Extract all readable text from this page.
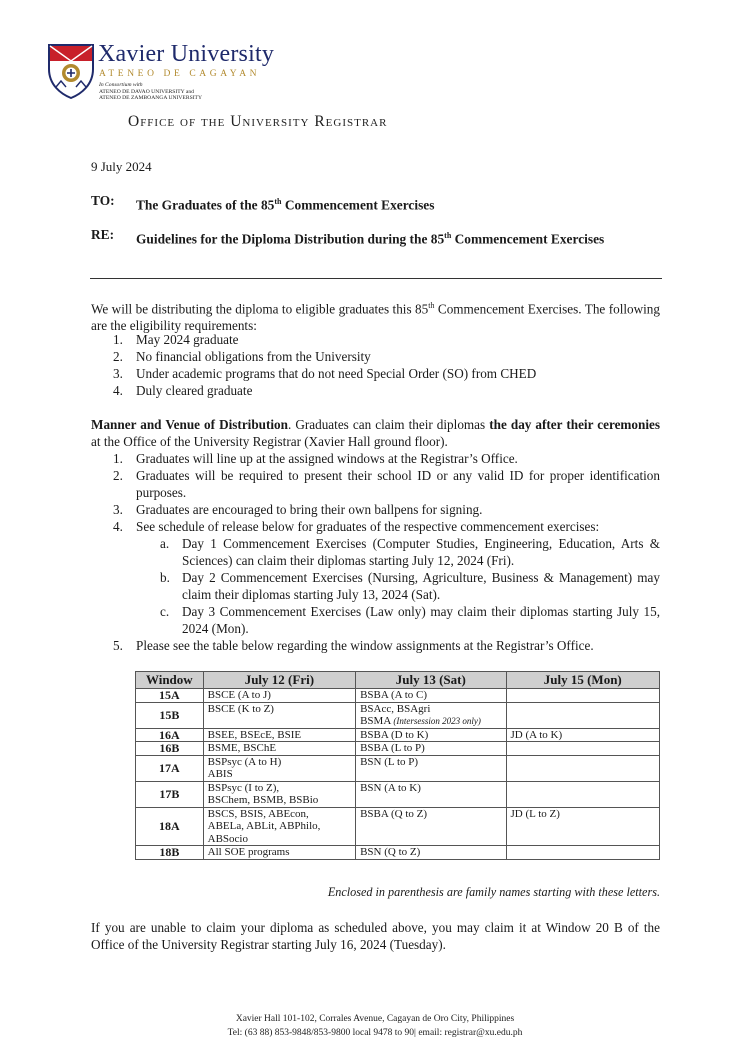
Xavier University
ATENEO DE CAGAYAN
In Consortium with
ATENEO DE DAVAO UNIVERSITY and
ATENEO DE ZAMBOANGA UNIVERSITY
Office of the University Registrar
9 July 2024
TO: The Graduates of the 85th Commencement Exercises
RE: Guidelines for the Diploma Distribution during the 85th Commencement Exercises
We will be distributing the diploma to eligible graduates this 85th Commencement Exercises. The following are the eligibility requirements:
1. May 2024 graduate
2. No financial obligations from the University
3. Under academic programs that do not need Special Order (SO) from CHED
4. Duly cleared graduate
Manner and Venue of Distribution. Graduates can claim their diplomas the day after their ceremonies at the Office of the University Registrar (Xavier Hall ground floor).
1. Graduates will line up at the assigned windows at the Registrar’s Office.
2. Graduates will be required to present their school ID or any valid ID for proper identification purposes.
3. Graduates are encouraged to bring their own ballpens for signing.
4. See schedule of release below for graduates of the respective commencement exercises:
a. Day 1 Commencement Exercises (Computer Studies, Engineering, Education, Arts & Sciences) can claim their diplomas starting July 12, 2024 (Fri).
b. Day 2 Commencement Exercises (Nursing, Agriculture, Business & Management) may claim their diplomas starting July 13, 2024 (Sat).
c. Day 3 Commencement Exercises (Law only) may claim their diplomas starting July 15, 2024 (Mon).
5. Please see the table below regarding the window assignments at the Registrar’s Office.
Window	July 12 (Fri)	July 13 (Sat)	July 15 (Mon)
15A	BSCE (A to J)	BSBA (A to C)	

15B	BSCE (K to Z)	BSAcc, BSAgri
BSMA (Intersession 2023 only)	

16A	BSEE, BSEcE, BSIE	BSBA (D to K)	JD (A to K)

16B	BSME, BSChE	BSBA (L to P)	

17A	BSPsyc (A to H)
ABIS	BSN (L to P)	

17B	BSPsyc (I to Z),
BSChem, BSMB, BSBio	BSN (A to K)	

18A	BSCS, BSIS, ABEcon,
ABELa, ABLit, ABPhilo,
ABSocio	BSBA (Q to Z)	JD (L to Z)

18B	All SOE programs	BSN (Q to Z)	

Enclosed in parenthesis are family names starting with these letters.
If you are unable to claim your diploma as scheduled above, you may claim it at Window 20 B of the Office of the University Registrar starting July 16, 2024 (Tuesday).
Xavier Hall 101-102, Corrales Avenue, Cagayan de Oro City, Philippines
Tel: (63 88) 853-9848/853-9800 local 9478 to 90| email: registrar@xu.edu.ph
